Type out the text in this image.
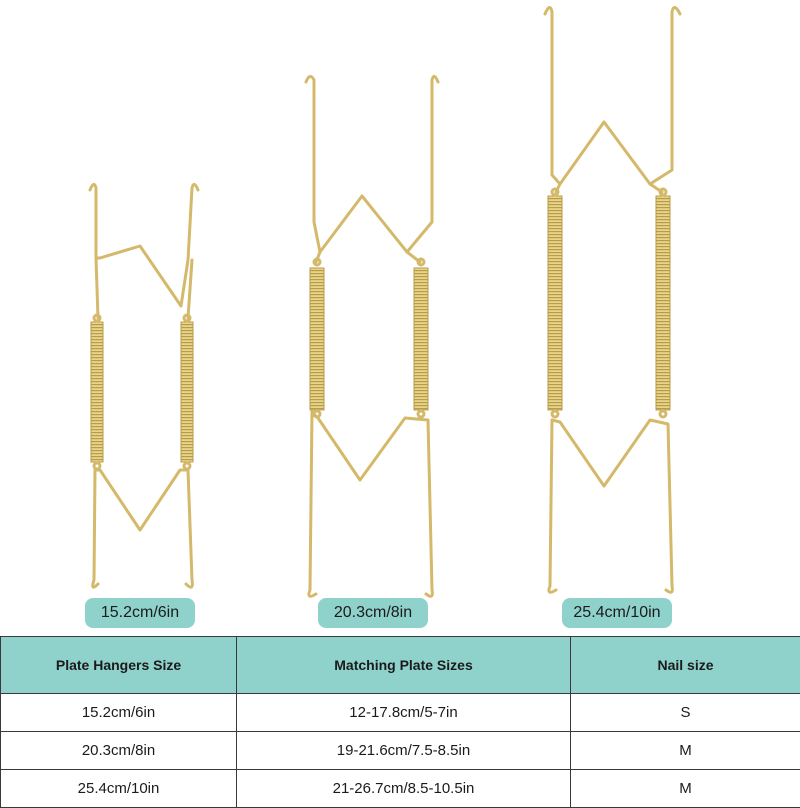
15.2cm/6in	20.3cm/8in	25.4cm/10in
Plate Hangers Size	Matching Plate Sizes	Nail size
15.2cm/6in	12-17.8cm/5-7in	S
20.3cm/8in	19-21.6cm/7.5-8.5in	M
25.4cm/10in	21-26.7cm/8.5-10.5in	M
